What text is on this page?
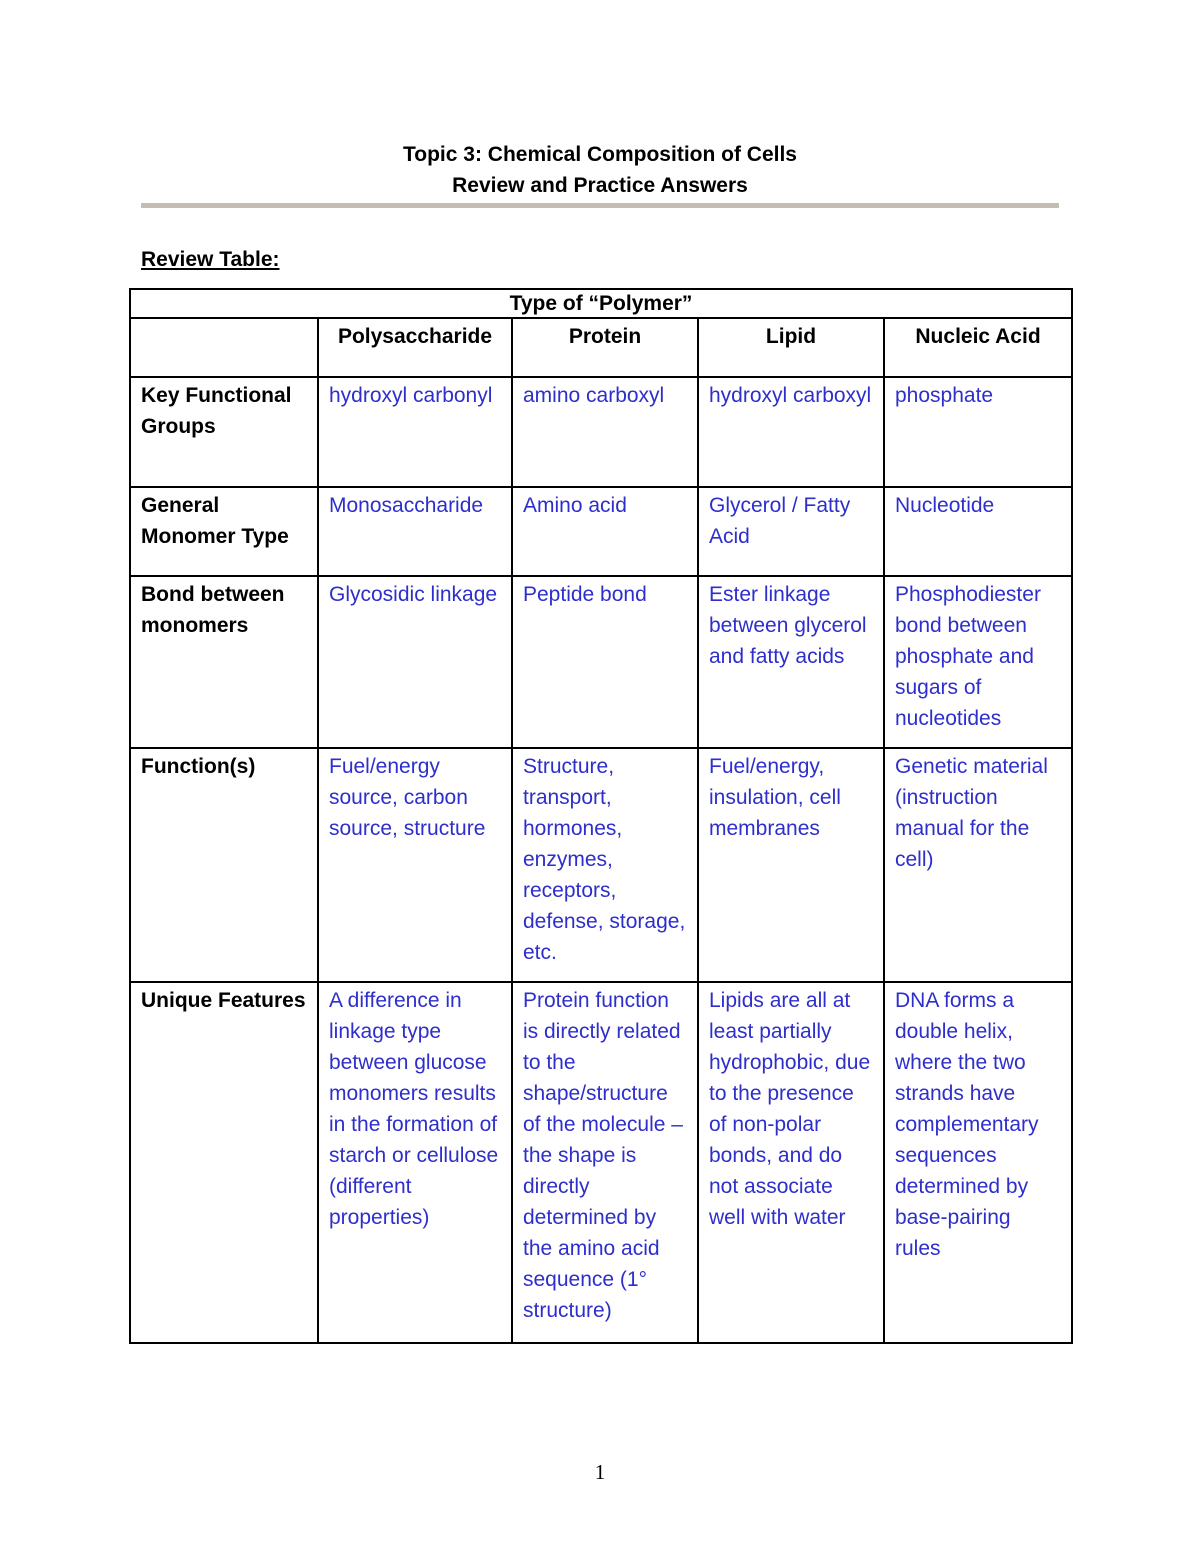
Topic 3: Chemical Composition of Cells
Review and Practice Answers
Review Table:
Type of “Polymer”				
	Polysaccharide	Protein	Lipid	Nucleic Acid
Key Functional Groups	hydroxyl carbonyl	amino carboxyl	hydroxyl carboxyl	phosphate
General Monomer Type	Monosaccharide	Amino acid	Glycerol / Fatty Acid	Nucleotide
Bond between monomers	Glycosidic linkage	Peptide bond	Ester linkage between glycerol and fatty acids	Phosphodiester bond between phosphate and sugars of nucleotides
Function(s)	Fuel/energy source, carbon source, structure	Structure, transport, hormones, enzymes, receptors, defense, storage, etc.	Fuel/energy, insulation, cell membranes	Genetic material (instruction manual for the cell)
Unique Features	A difference in linkage type between glucose monomers results in the formation of starch or cellulose (different properties)	Protein function is directly related to the shape/structure of the molecule – the shape is directly determined by the amino acid sequence (1° structure)	Lipids are all at least partially hydrophobic, due to the presence of non-polar bonds, and do not associate well with water	DNA forms a double helix, where the two strands have complementary sequences determined by base-pairing rules
1
